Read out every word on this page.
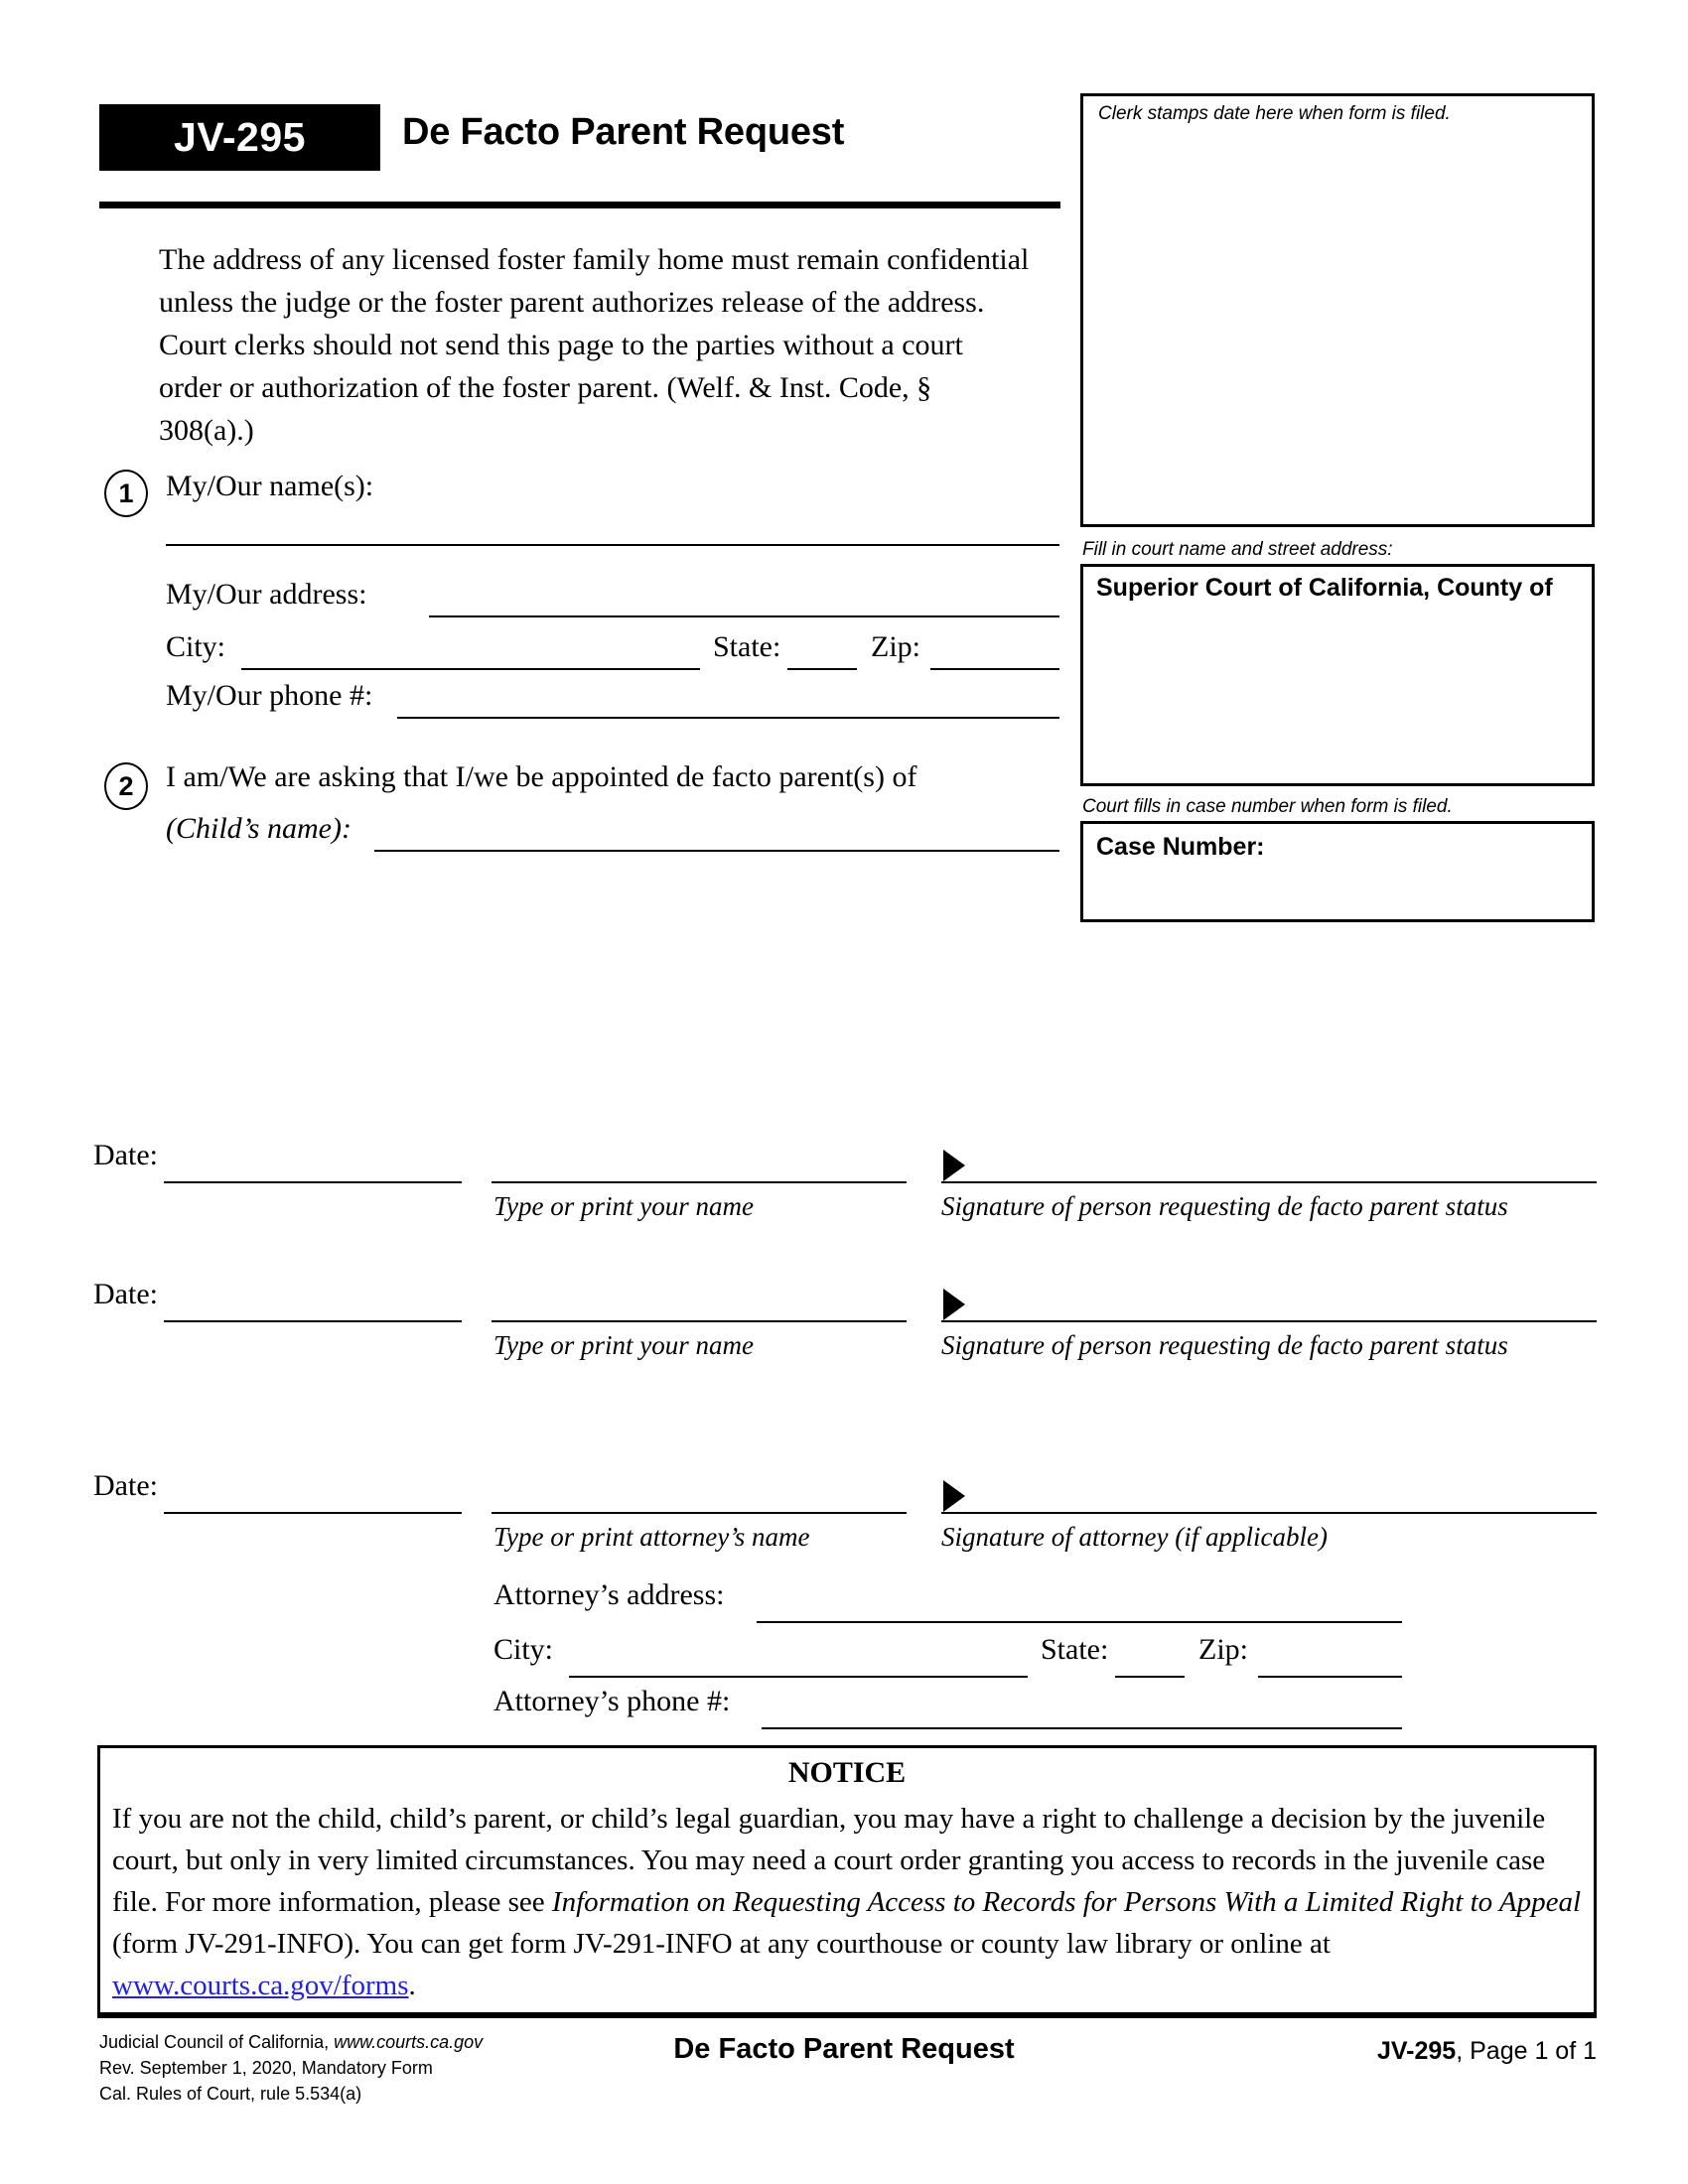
JV-295	De Facto Parent Request	Clerk stamps date here when form is filed.
Fill in court name and street address:
Superior Court of California, County of
Court fills in case number when form is filed.
Case Number:
The address of any licensed foster family home must remain confidential unless the judge or the foster parent authorizes release of the address. Court clerks should not send this page to the parties without a court order or authorization of the foster parent. (Welf. & Inst. Code, § 308(a).)
1	My/Our name(s):
My/Our address:
City:	State:	Zip:
My/Our phone #:
2	I am/We are asking that I/we be appointed de facto parent(s) of
(Child’s name):
Date:
Type or print your name	Signature of person requesting de facto parent status
Date:
Type or print your name	Signature of person requesting de facto parent status
Date:
Type or print attorney’s name	Signature of attorney (if applicable)
Attorney’s address:
City:	State:	Zip:
Attorney’s phone #:
NOTICE
If you are not the child, child’s parent, or child’s legal guardian, you may have a right to challenge a decision by the juvenile court, but only in very limited circumstances. You may need a court order granting you access to records in the juvenile case file. For more information, please see Information on Requesting Access to Records for Persons With a Limited Right to Appeal (form JV-291-INFO). You can get form JV-291-INFO at any courthouse or county law library or online at www.courts.ca.gov/forms.
Judicial Council of California, www.courts.ca.gov
Rev. September 1, 2020, Mandatory Form
Cal. Rules of Court, rule 5.534(a)
De Facto Parent Request	JV-295, Page 1 of 1
